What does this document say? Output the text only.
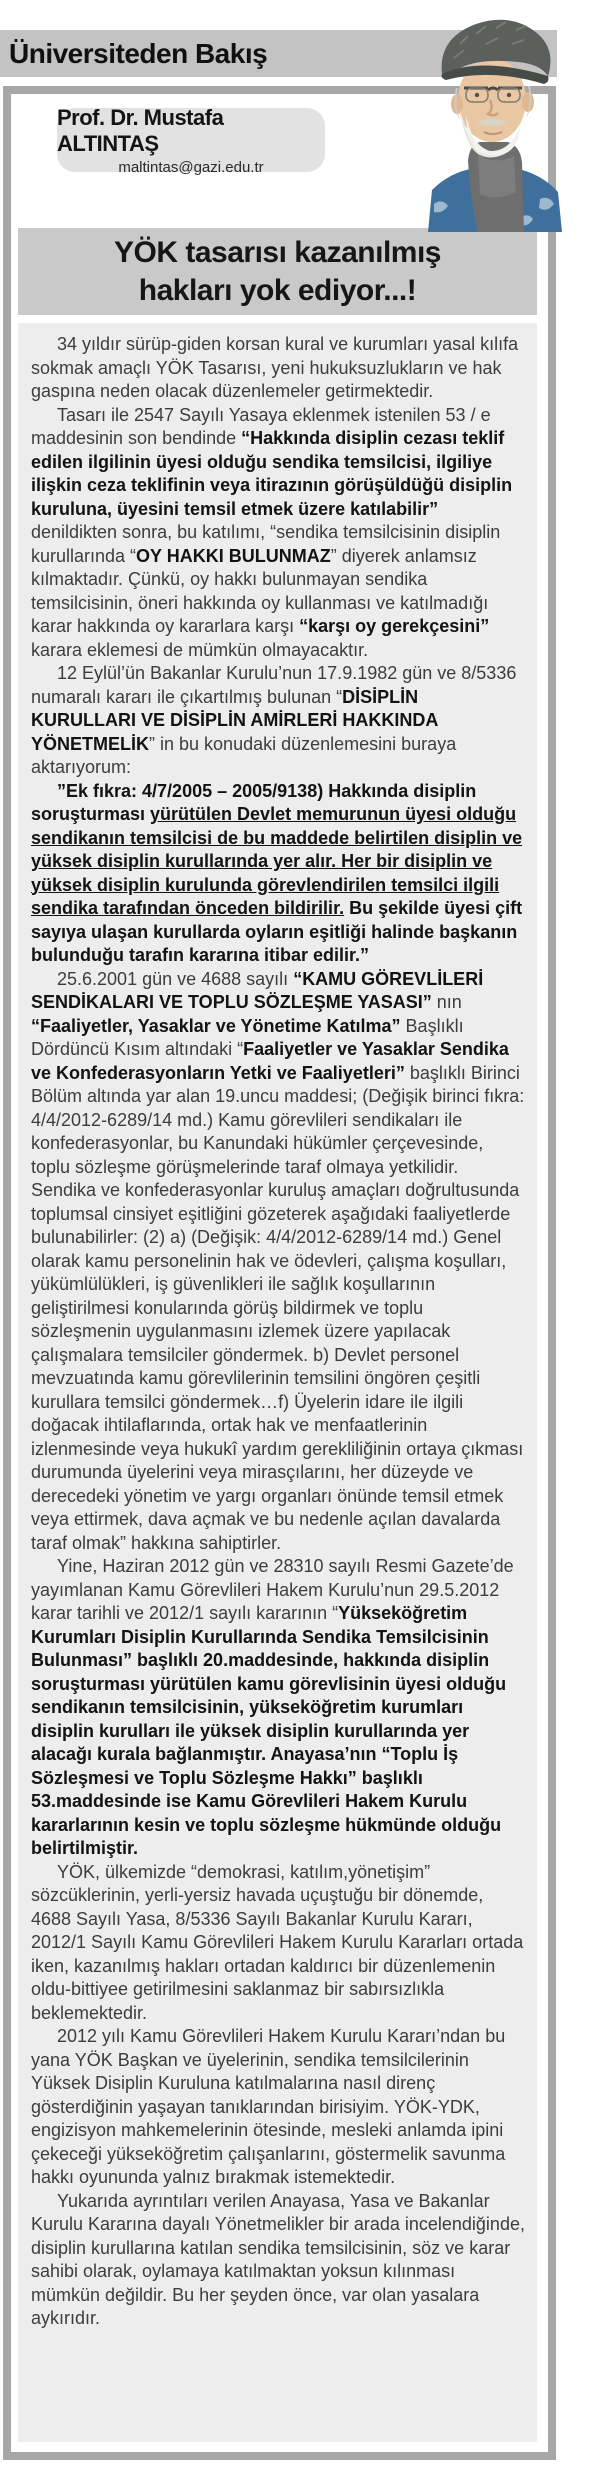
Üniversiteden Bakış
Prof. Dr. Mustafa ALTINTAŞ
maltintas@gazi.edu.tr
YÖK tasarısı kazanılmış
hakları yok ediyor...!

34 yıldır sürüp-giden korsan kural ve kurumları yasal kılıfa sokmak amaçlı YÖK Tasarısı, yeni hukuksuzlukların ve hak gaspına neden olacak düzenlemeler getirmektedir.

Tasarı ile 2547 Sayılı Yasaya eklenmek istenilen 53 / e maddesinin son bendinde “Hakkında disiplin cezası teklif edilen ilgilinin üyesi olduğu sendika temsilcisi, ilgiliye ilişkin ceza teklifinin veya itirazının görüşüldüğü disiplin kuruluna, üyesini temsil etmek üzere katılabilir” denildikten sonra, bu katılımı, “sendika temsilcisinin disiplin kurullarında “OY HAKKI BULUNMAZ” diyerek anlamsız kılmaktadır. Çünkü, oy hakkı bulunmayan sendika temsilcisinin, öneri hakkında oy kullanması ve katılmadığı karar hakkında oy kararlara karşı “karşı oy gerekçesini” karara eklemesi de mümkün olmayacaktır.

12 Eylül’ün Bakanlar Kurulu’nun 17.9.1982 gün ve 8/5336 numaralı kararı ile çıkartılmış bulunan “DİSİPLİN KURULLARI VE DİSİPLİN AMİRLERİ HAKKINDA YÖNETMELİK” in bu konudaki düzenlemesini buraya aktarıyorum:

”Ek fıkra: 4/7/2005 – 2005/9138) Hakkında disiplin soruşturması yürütülen Devlet memurunun üyesi olduğu sendikanın temsilcisi de bu maddede belirtilen disiplin ve yüksek disiplin kurullarında yer alır. Her bir disiplin ve yüksek disiplin kurulunda görevlendirilen temsilci ilgili sendika tarafından önceden bildirilir. Bu şekilde üyesi çift sayıya ulaşan kurullarda oyların eşitliği halinde başkanın bulunduğu tarafın kararına itibar edilir.”

25.6.2001 gün ve 4688 sayılı “KAMU GÖREVLİLERİ SENDİKALARI VE TOPLU SÖZLEŞME YASASI” nın “Faaliyetler, Yasaklar ve Yönetime Katılma” Başlıklı Dördüncü Kısım altındaki “Faaliyetler ve Yasaklar Sendika ve Konfederasyonların Yetki ve Faaliyetleri” başlıklı Birinci Bölüm altında yar alan 19.uncu maddesi; (Değişik birinci fıkra: 4/4/2012-6289/14 md.) Kamu görevlileri sendikaları ile konfederasyonlar, bu Kanundaki hükümler çerçevesinde, toplu sözleşme görüşmelerinde taraf olmaya yetkilidir. Sendika ve konfederasyonlar kuruluş amaçları doğrultusunda toplumsal cinsiyet eşitliğini gözeterek aşağıdaki faaliyetlerde bulunabilirler: (2) a) (Değişik: 4/4/2012-6289/14 md.) Genel olarak kamu personelinin hak ve ödevleri, çalışma koşulları, yükümlülükleri, iş güvenlikleri ile sağlık koşullarının geliştirilmesi konularında görüş bildirmek ve toplu sözleşmenin uygulanmasını izlemek üzere yapılacak çalışmalara temsilciler göndermek. b) Devlet personel mevzuatında kamu görevlilerinin temsilini öngören çeşitli kurullara temsilci göndermek…f) Üyelerin idare ile ilgili doğacak ihtilaflarında, ortak hak ve menfaatlerinin izlenmesinde veya hukukî yardım gerekliliğinin ortaya çıkması durumunda üyelerini veya mirasçılarını, her düzeyde ve derecedeki yönetim ve yargı organları önünde temsil etmek veya ettirmek, dava açmak ve bu nedenle açılan davalarda taraf olmak” hakkına sahiptirler.

Yine, Haziran 2012 gün ve 28310 sayılı Resmi Gazete’de yayımlanan Kamu Görevlileri Hakem Kurulu’nun 29.5.2012 karar tarihli ve 2012/1 sayılı kararının “Yükseköğretim Kurumları Disiplin Kurullarında Sendika Temsilcisinin Bulunması” başlıklı 20.maddesinde, hakkında disiplin soruşturması yürütülen kamu görevlisinin üyesi olduğu sendikanın temsilcisinin, yükseköğretim kurumları disiplin kurulları ile yüksek disiplin kurullarında yer alacağı kurala bağlanmıştır. Anayasa’nın “Toplu İş Sözleşmesi ve Toplu Sözleşme Hakkı” başlıklı 53.maddesinde ise Kamu Görevlileri Hakem Kurulu kararlarının kesin ve toplu sözleşme hükmünde olduğu belirtilmiştir.

YÖK, ülkemizde “demokrasi, katılım,yönetişim” sözcüklerinin, yerli-yersiz havada uçuştuğu bir dönemde, 4688 Sayılı Yasa, 8/5336 Sayılı Bakanlar Kurulu Kararı, 2012/1 Sayılı Kamu Görevlileri Hakem Kurulu Kararları ortada iken, kazanılmış hakları ortadan kaldırıcı bir düzenlemenin oldu-bittiyee getirilmesini saklanmaz bir sabırsızlıkla beklemektedir.

2012 yılı Kamu Görevlileri Hakem Kurulu Kararı’ndan bu yana YÖK Başkan ve üyelerinin, sendika temsilcilerinin Yüksek Disiplin Kuruluna katılmalarına nasıl direnç gösterdiğinin yaşayan tanıklarından birisiyim. YÖK-YDK, engizisyon mahkemelerinin ötesinde, mesleki anlamda ipini çekeceği yükseköğretim çalışanlarını, göstermelik savunma hakkı oyununda yalnız bırakmak istemektedir.

Yukarıda ayrıntıları verilen Anayasa, Yasa ve Bakanlar Kurulu Kararına dayalı Yönetmelikler bir arada incelendiğinde, disiplin kurullarına katılan sendika temsilcisinin, söz ve karar sahibi olarak, oylamaya katılmaktan yoksun kılınması mümkün değildir. Bu her şeyden önce, var olan yasalara aykırıdır.
